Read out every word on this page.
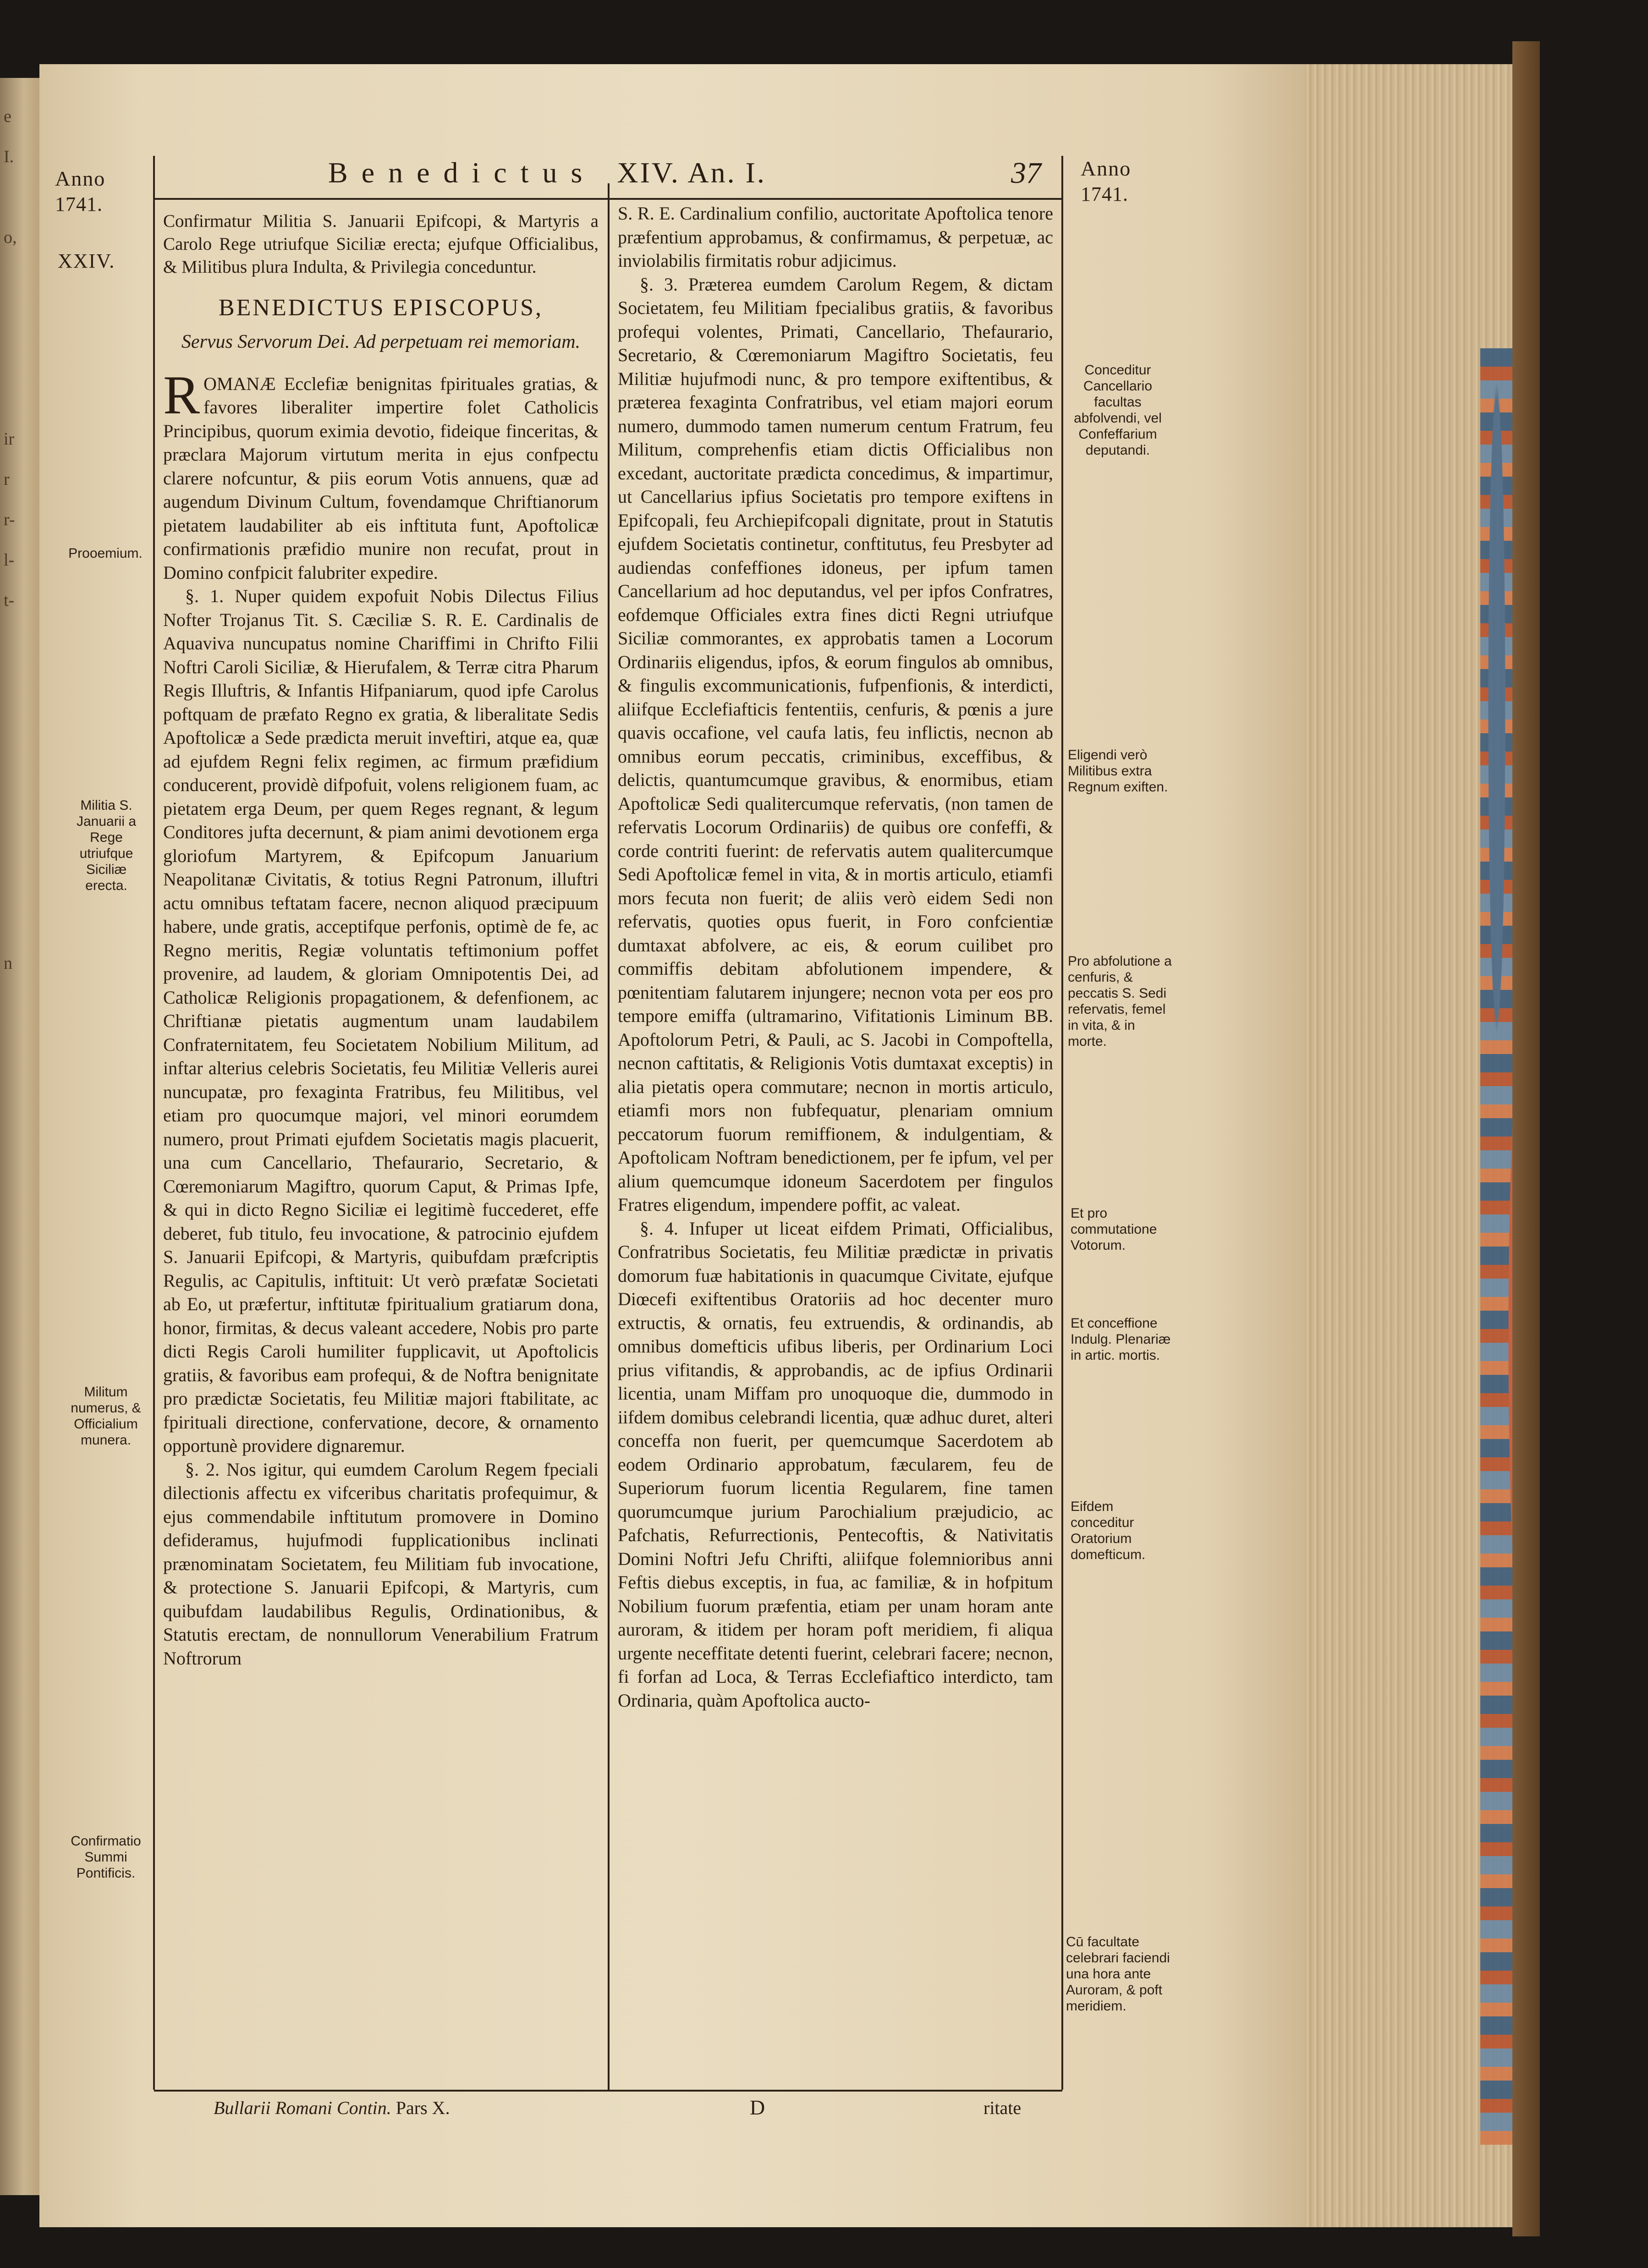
e
I.

o,

ir
r
r-
l-
t-

n

Anno
1741.
Benedictus XIV. An. I.	37 Anno
1741.
XXIV.

Confirmatur Militia S. Januarii Epifcopi, & Martyris a Carolo Rege utriufque Siciliæ erecta; ejufque Officialibus, & Militibus plura Indulta, & Privilegia conceduntur.

BENEDICTUS EPISCOPUS,

Servus Servorum Dei. Ad perpetuam rei memoriam.

ROMANÆ Ecclefiæ benignitas fpirituales gratias, & favores liberaliter impertire folet Catholicis Principibus, quorum eximia devotio, fideique finceritas, & præclara Majorum virtutum merita in ejus confpectu clarere nofcuntur, & piis eorum Votis annuens, quæ ad augendum Divinum Cultum, fovendamque Chriftianorum pietatem laudabiliter ab eis inftituta funt, Apoftolicæ confirmationis præfidio munire non recufat, prout in Domino confpicit falubriter expedire.

§. 1. Nuper quidem expofuit Nobis Dilectus Filius Nofter Trojanus Tit. S. Cæciliæ S. R. E. Cardinalis de Aquaviva nuncupatus nomine Chariffimi in Chrifto Filii Noftri Caroli Siciliæ, & Hierufalem, & Terræ citra Pharum Regis Illuftris, & Infantis Hifpaniarum, quod ipfe Carolus poftquam de præfato Regno ex gratia, & liberalitate Sedis Apoftolicæ a Sede prædicta meruit inveftiri, atque ea, quæ ad ejufdem Regni felix regimen, ac firmum præfidium conducerent, providè difpofuit, volens religionem fuam, ac pietatem erga Deum, per quem Reges regnant, & legum Conditores jufta decernunt, & piam animi devotionem erga gloriofum Martyrem, & Epifcopum Januarium Neapolitanæ Civitatis, & totius Regni Patronum, illuftri actu omnibus teftatam facere, necnon aliquod præcipuum habere, unde gratis, acceptifque perfonis, optimè de fe, ac Regno meritis, Regiæ voluntatis teftimonium poffet provenire, ad laudem, & gloriam Omnipotentis Dei, ad Catholicæ Religionis propagationem, & defenfionem, ac Chriftianæ pietatis augmentum unam laudabilem Confraternitatem, feu Societatem Nobilium Militum, ad inftar alterius celebris Societatis, feu Militiæ Velleris aurei nuncupatæ, pro fexaginta Fratribus, feu Militibus, vel etiam pro quocumque majori, vel minori eorumdem numero, prout Primati ejufdem Societatis magis placuerit, una cum Cancellario, Thefaurario, Secretario, & Cœremoniarum Magiftro, quorum Caput, & Primas Ipfe, & qui in dicto Regno Siciliæ ei legitimè fuccederet, effe deberet, fub titulo, feu invocatione, & patrocinio ejufdem S. Januarii Epifcopi, & Martyris, quibufdam præfcriptis Regulis, ac Capitulis, inftituit: Ut verò præfatæ Societati ab Eo, ut præfertur, inftitutæ fpiritualium gratiarum dona, honor, firmitas, & decus valeant accedere, Nobis pro parte dicti Regis Caroli humiliter fupplicavit, ut Apoftolicis gratiis, & favoribus eam profequi, & de Noftra benignitate pro prædictæ Societatis, feu Militiæ majori ftabilitate, ac fpirituali directione, confervatione, decore, & ornamento opportunè providere dignaremur.

§. 2. Nos igitur, qui eumdem Carolum Regem fpeciali dilectionis affectu ex vifceribus charitatis profequimur, & ejus commendabile inftitutum promovere in Domino defideramus, hujufmodi fupplicationibus inclinati prænominatam Societatem, feu Militiam fub invocatione, & protectione S. Januarii Epifcopi, & Martyris, cum quibufdam laudabilibus Regulis, Ordinationibus, & Statutis erectam, de nonnullorum Venerabilium Fratrum Noftrorum

S. R. E. Cardinalium confilio, auctoritate Apoftolica tenore præfentium approbamus, & confirmamus, & perpetuæ, ac inviolabilis firmitatis robur adjicimus.

§. 3. Præterea eumdem Carolum Regem, & dictam Societatem, feu Militiam fpecialibus gratiis, & favoribus profequi volentes, Primati, Cancellario, Thefaurario, Secretario, & Cœremoniarum Magiftro Societatis, feu Militiæ hujufmodi nunc, & pro tempore exiftentibus, & præterea fexaginta Confratribus, vel etiam majori eorum numero, dummodo tamen numerum centum Fratrum, feu Militum, comprehenfis etiam dictis Officialibus non excedant, auctoritate prædicta concedimus, & impartimur, ut Cancellarius ipfius Societatis pro tempore exiftens in Epifcopali, feu Archiepifcopali dignitate, prout in Statutis ejufdem Societatis continetur, conftitutus, feu Presbyter ad audiendas confeffiones idoneus, per ipfum tamen Cancellarium ad hoc deputandus, vel per ipfos Confratres, eofdemque Officiales extra fines dicti Regni utriufque Siciliæ commorantes, ex approbatis tamen a Locorum Ordinariis eligendus, ipfos, & eorum fingulos ab omnibus, & fingulis excommunicationis, fufpenfionis, & interdicti, aliifque Ecclefiafticis fententiis, cenfuris, & pœnis a jure quavis occafione, vel caufa latis, feu inflictis, necnon ab omnibus eorum peccatis, criminibus, exceffibus, & delictis, quantumcumque gravibus, & enormibus, etiam Apoftolicæ Sedi qualitercumque refervatis, (non tamen de refervatis Locorum Ordinariis) de quibus ore confeffi, & corde contriti fuerint: de refervatis autem qualitercumque Sedi Apoftolicæ femel in vita, & in mortis articulo, etiamfi mors fecuta non fuerit; de aliis verò eidem Sedi non refervatis, quoties opus fuerit, in Foro confcientiæ dumtaxat abfolvere, ac eis, & eorum cuilibet pro commiffis debitam abfolutionem impendere, & pœnitentiam falutarem injungere; necnon vota per eos pro tempore emiffa (ultramarino, Vifitationis Liminum BB. Apoftolorum Petri, & Pauli, ac S. Jacobi in Compoftella, necnon caftitatis, & Religionis Votis dumtaxat exceptis) in alia pietatis opera commutare; necnon in mortis articulo, etiamfi mors non fubfequatur, plenariam omnium peccatorum fuorum remiffionem, & indulgentiam, & Apoftolicam Noftram benedictionem, per fe ipfum, vel per alium quemcumque idoneum Sacerdotem per fingulos Fratres eligendum, impendere poffit, ac valeat.

§. 4. Infuper ut liceat eifdem Primati, Officialibus, Confratribus Societatis, feu Militiæ prædictæ in privatis domorum fuæ habitationis in quacumque Civitate, ejufque Diœcefi exiftentibus Oratoriis ad hoc decenter muro extructis, & ornatis, feu extruendis, & ordinandis, ab omnibus domefticis ufibus liberis, per Ordinarium Loci prius vifitandis, & approbandis, ac de ipfius Ordinarii licentia, unam Miffam pro unoquoque die, dummodo in iifdem domibus celebrandi licentia, quæ adhuc duret, alteri conceffa non fuerit, per quemcumque Sacerdotem ab eodem Ordinario approbatum, fæcularem, feu de Superiorum fuorum licentia Regularem, fine tamen quorumcumque jurium Parochialium præjudicio, ac Pafchatis, Refurrectionis, Pentecoftis, & Nativitatis Domini Noftri Jefu Chrifti, aliifque folemnioribus anni Feftis diebus exceptis, in fua, ac familiæ, & in hofpitum Nobilium fuorum præfentia, etiam per unam horam ante auroram, & itidem per horam poft meridiem, fi aliqua urgente neceffitate detenti fuerint, celebrari facere; necnon, fi forfan ad Loca, & Terras Ecclefiaftico interdicto, tam Ordinaria, quàm Apoftolica aucto-

Prooemium.
Militia S. Januarii a Rege utriufque Siciliæ erecta.
Militum numerus, & Officialium munera.
Confirmatio Summi Pontificis.
Conceditur Cancellario facultas abfolvendi, vel Confeffarium deputandi.
Eligendi verò Militibus extra Regnum exiften.
Pro abfolutione a cenfuris, & peccatis S. Sedi refervatis, femel in vita, & in morte.
Et pro commutatione Votorum.
Et conceffione Indulg. Plenariæ in artic. mortis.
Eifdem conceditur Oratorium domefticum.
Cū facultate celebrari faciendi una hora ante Auroram, & poft meridiem.
Bullarii Romani Contin. Pars X.	D	ritate
